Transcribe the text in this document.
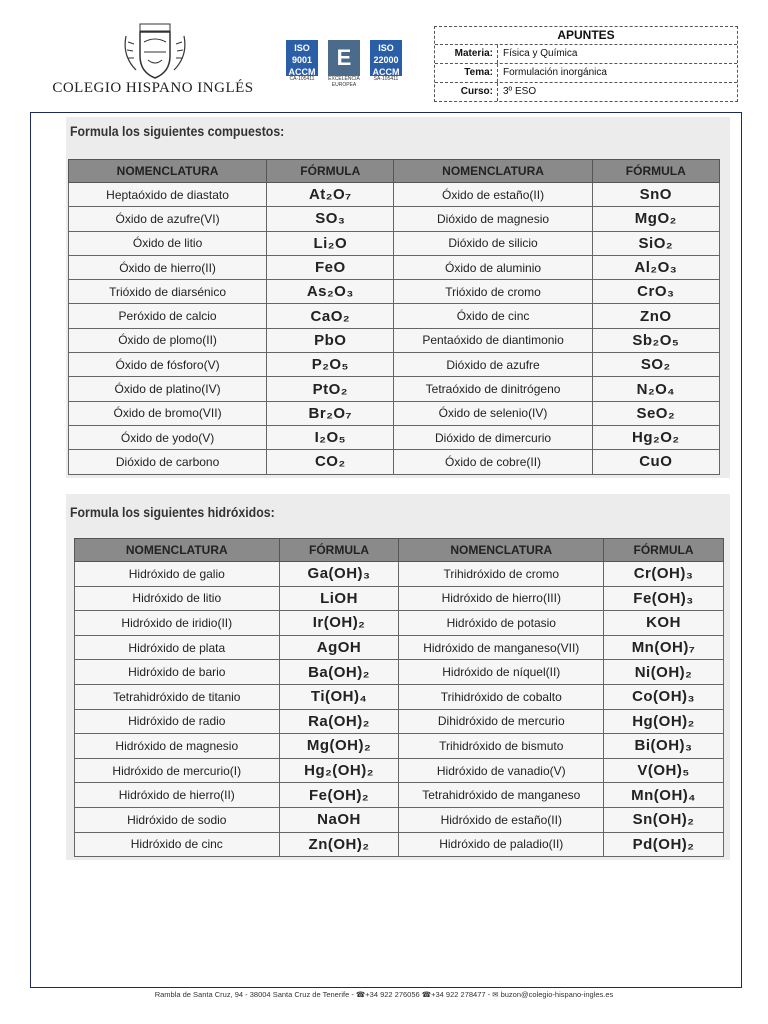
COLEGIO HISPANO INGLÉS
ISO 9001
ACCM
CA-105411
E
EXCELENCIA EUROPEA
ISO 22000
ACCM
SA-105411
APUNTES
Materia:	Física y Química
Tema:	Formulación inorgánica
Curso:	3º ESO
Formula los siguientes compuestos:
NOMENCLATURA	FÓRMULA	NOMENCLATURA	FÓRMULA
Heptaóxido de diastato	At₂O₇	Óxido de estaño(II)	SnO
Óxido de azufre(VI)	SO₃	Dióxido de magnesio	MgO₂
Óxido de litio	Li₂O	Dióxido de silicio	SiO₂
Óxido de hierro(II)	FeO	Óxido de aluminio	Al₂O₃
Trióxido de diarsénico	As₂O₃	Trióxido de cromo	CrO₃
Peróxido de calcio	CaO₂	Óxido de cinc	ZnO
Óxido de plomo(II)	PbO	Pentaóxido de diantimonio	Sb₂O₅
Óxido de fósforo(V)	P₂O₅	Dióxido de azufre	SO₂
Óxido de platino(IV)	PtO₂	Tetraóxido de dinitrógeno	N₂O₄
Óxido de bromo(VII)	Br₂O₇	Óxido de selenio(IV)	SeO₂
Óxido de yodo(V)	I₂O₅	Dióxido de dimercurio	Hg₂O₂
Dióxido de carbono	CO₂	Óxido de cobre(II)	CuO
Formula los siguientes hidróxidos:
NOMENCLATURA	FÓRMULA	NOMENCLATURA	FÓRMULA
Hidróxido de galio	Ga(OH)₃	Trihidróxido de cromo	Cr(OH)₃
Hidróxido de litio	LiOH	Hidróxido de hierro(III)	Fe(OH)₃
Hidróxido de iridio(II)	Ir(OH)₂	Hidróxido de potasio	KOH
Hidróxido de plata	AgOH	Hidróxido de manganeso(VII)	Mn(OH)₇
Hidróxido de bario	Ba(OH)₂	Hidróxido de níquel(II)	Ni(OH)₂
Tetrahidróxido de titanio	Ti(OH)₄	Trihidróxido de cobalto	Co(OH)₃
Hidróxido de radio	Ra(OH)₂	Dihidróxido de mercurio	Hg(OH)₂
Hidróxido de magnesio	Mg(OH)₂	Trihidróxido de bismuto	Bi(OH)₃
Hidróxido de mercurio(I)	Hg₂(OH)₂	Hidróxido de vanadio(V)	V(OH)₅
Hidróxido de hierro(II)	Fe(OH)₂	Tetrahidróxido de manganeso	Mn(OH)₄
Hidróxido de sodio	NaOH	Hidróxido de estaño(II)	Sn(OH)₂
Hidróxido de cinc	Zn(OH)₂	Hidróxido de paladio(II)	Pd(OH)₂
Rambla de Santa Cruz, 94 - 38004 Santa Cruz de Tenerife - ☎+34 922 276056 ☎+34 922 278477 - ✉ buzon@colegio-hispano-ingles.es
